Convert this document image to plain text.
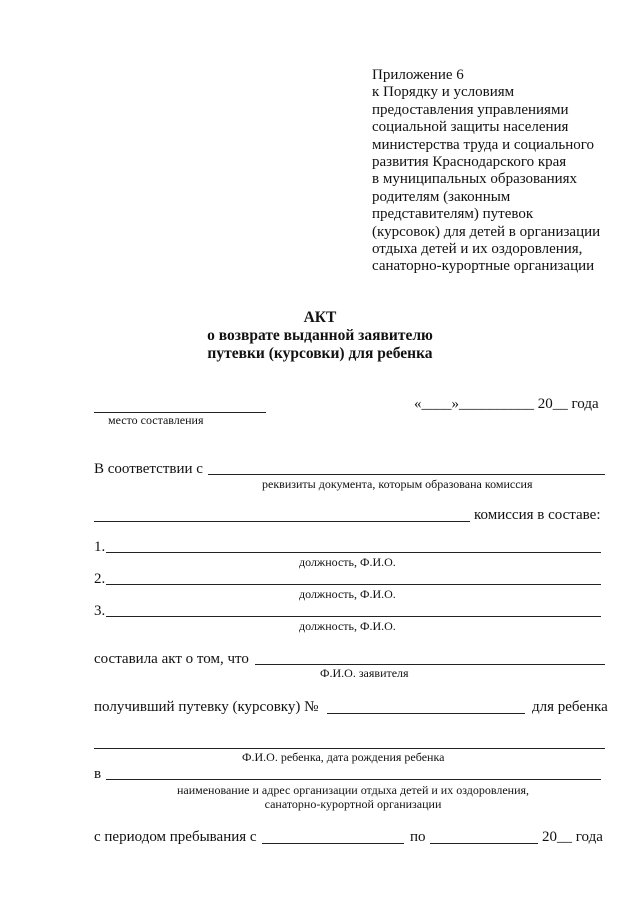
Приложение 6
к Порядку и условиям
предоставления управлениями
социальной защиты населения
министерства труда и социального
развития Краснодарского края
в муниципальных образованиях
родителям (законным
представителям) путевок
(курсовок) для детей в организации
отдыха детей и их оздоровления,
санаторно-курортные организации
АКТ
о возврате выданной заявителю
путевки (курсовки) для ребенка
место составления
«____»__________ 20__ года
В соответствии с
реквизиты документа, которым образована комиссия
комиссия в составе:
1.
должность, Ф.И.О.
2.
должность, Ф.И.О.
3.
должность, Ф.И.О.
составила акт о том, что
Ф.И.О. заявителя
получивший путевку (курсовку) №	для ребенка
Ф.И.О. ребенка, дата рождения ребенка
в
наименование и адрес организации отдыха детей и их оздоровления,
санаторно-курортной организации
с периодом пребывания с	по	20__ года
